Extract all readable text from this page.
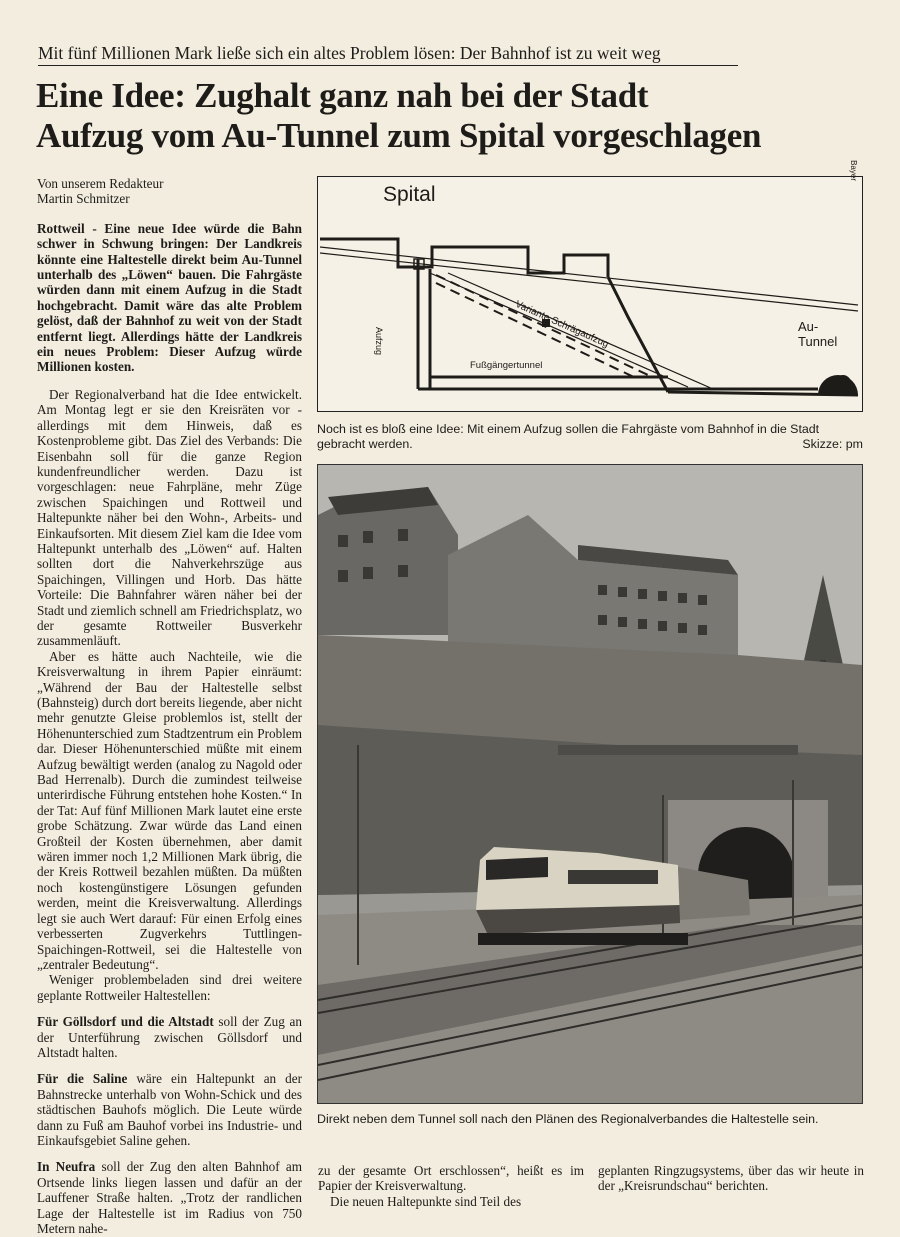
Mit fünf Millionen Mark ließe sich ein altes Problem lösen: Der Bahnhof ist zu weit weg
Eine Idee: Zughalt ganz nah bei der Stadt
Aufzug vom Au-Tunnel zum Spital vorgeschlagen

Von unserem Redakteur
Martin Schmitzer

Rottweil - Eine neue Idee würde die Bahn schwer in Schwung bringen: Der Landkreis könnte eine Haltestelle direkt beim Au-Tunnel unterhalb des „Löwen“ bauen. Die Fahrgäste würden dann mit einem Aufzug in die Stadt hochgebracht. Damit wäre das alte Problem gelöst, daß der Bahnhof zu weit von der Stadt entfernt liegt. Allerdings hätte der Landkreis ein neues Problem: Dieser Aufzug würde Millionen kosten.

Der Regionalverband hat die Idee entwickelt. Am Montag legt er sie den Kreisräten vor - allerdings mit dem Hinweis, daß es Kostenprobleme gibt. Das Ziel des Verbands: Die Eisenbahn soll für die ganze Region kundenfreundlicher werden. Dazu ist vorgeschlagen: neue Fahrpläne, mehr Züge zwischen Spaichingen und Rottweil und Haltepunkte näher bei den Wohn-, Arbeits- und Einkaufsorten. Mit diesem Ziel kam die Idee vom Haltepunkt unterhalb des „Löwen“ auf. Halten sollten dort die Nahverkehrszüge aus Spaichingen, Villingen und Horb. Das hätte Vorteile: Die Bahnfahrer wären näher bei der Stadt und ziemlich schnell am Friedrichsplatz, wo der gesamte Rottweiler Busverkehr zusammenläuft.

Aber es hätte auch Nachteile, wie die Kreisverwaltung in ihrem Papier einräumt: „Während der Bau der Haltestelle selbst (Bahnsteig) durch dort bereits liegende, aber nicht mehr genutzte Gleise problemlos ist, stellt der Höhenunterschied zum Stadtzentrum ein Problem dar. Dieser Höhenunterschied müßte mit einem Aufzug bewältigt werden (analog zu Nagold oder Bad Herrenalb). Durch die zumindest teilweise unterirdische Führung entstehen hohe Kosten.“ In der Tat: Auf fünf Millionen Mark lautet eine erste grobe Schätzung. Zwar würde das Land einen Großteil der Kosten übernehmen, aber damit wären immer noch 1,2 Millionen Mark übrig, die der Kreis Rottweil bezahlen müßten. Da müßten noch kostengünstigere Lösungen gefunden werden, meint die Kreisverwaltung. Allerdings legt sie auch Wert darauf: Für einen Erfolg eines verbesserten Zugverkehrs Tuttlingen-Spaichingen-Rottweil, sei die Haltestelle von „zentraler Bedeutung“.

Weniger problembeladen sind drei weitere geplante Rottweiler Haltestellen:

Für Göllsdorf und die Altstadt soll der Zug an der Unterführung zwischen Göllsdorf und Altstadt halten.

Für die Saline wäre ein Haltepunkt an der Bahnstrecke unterhalb von Wohn-Schick und des städtischen Bauhofs möglich. Die Leute würde dann zu Fuß am Bauhof vorbei ins Industrie- und Einkaufsgebiet Saline gehen.

In Neufra soll der Zug den alten Bahnhof am Ortsende links liegen lassen und dafür an der Lauffener Straße halten. „Trotz der randlichen Lage der Haltestelle ist im Radius von 750 Metern nahe-

Spital
Aufzug	Variante Schrägaufzug
Fußgängertunnel
Au-
Tunnel
Bayer
Noch ist es bloß eine Idee: Mit einem Aufzug sollen die Fahrgäste vom Bahnhof in die Stadt gebracht werden.	Skizze: pm
Direkt neben dem Tunnel soll nach den Plänen des Regionalverbandes die Haltestelle sein.

zu der gesamte Ort erschlossen“, heißt es im Papier der Kreisverwaltung.

Die neuen Haltepunkte sind Teil des

geplanten Ringzugsystems, über das wir heute in der „Kreisrundschau“ berichten.
